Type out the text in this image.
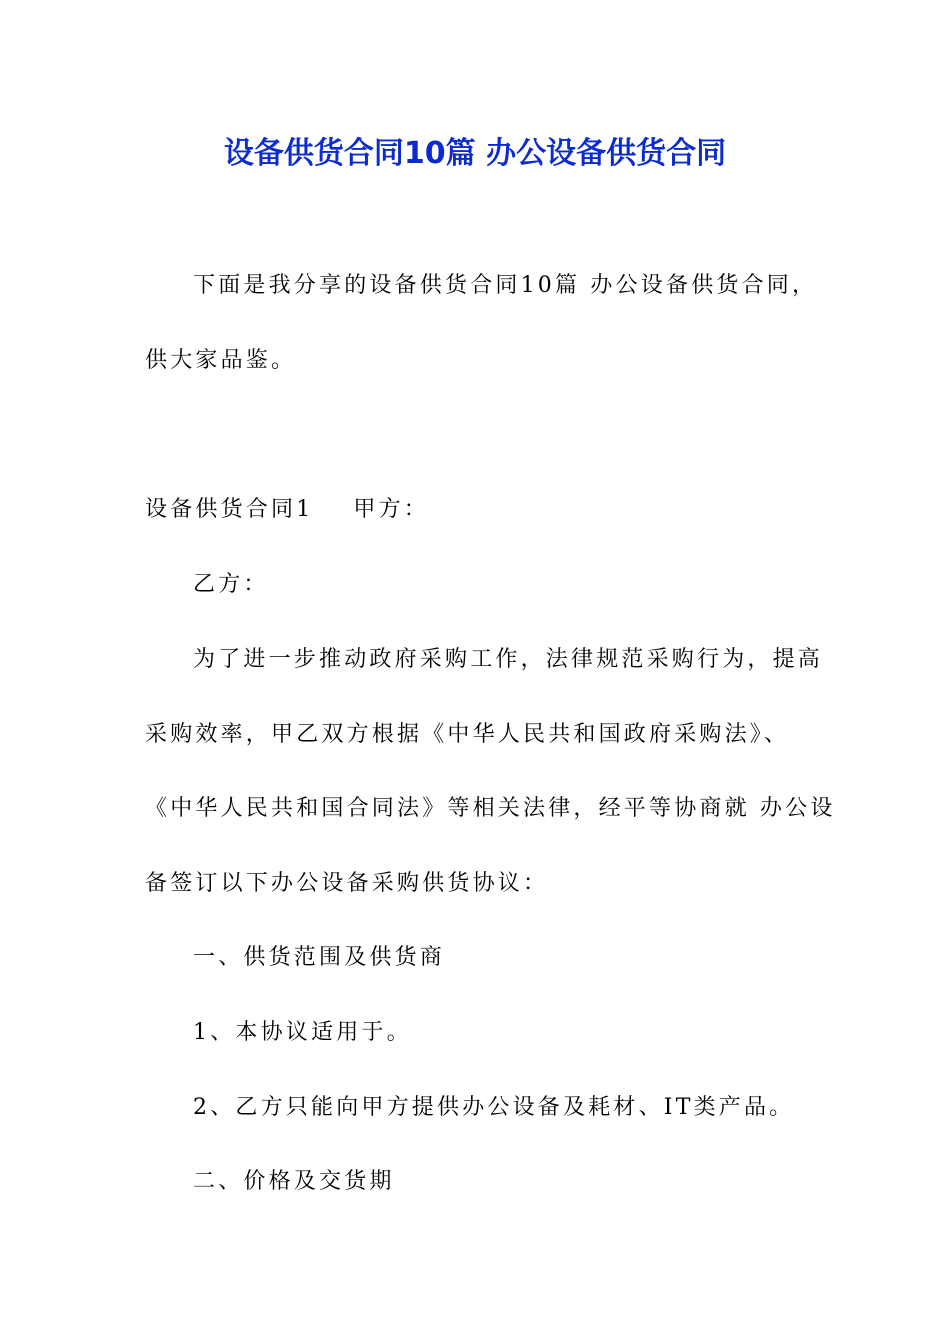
设备供货合同10篇 办公设备供货合同
下面是我分享的设备供货合同10篇 办公设备供货合同，
供大家品鉴。
设备供货合同1 甲方：
乙方：
为了进一步推动政府采购工作，法律规范采购行为，提高
采购效率，甲乙双方根据《中华人民共和国政府采购法》、
《中华人民共和国合同法》等相关法律，经平等协商就 办公设
备签订以下办公设备采购供货协议：
一、供货范围及供货商
1、本协议适用于。
2、乙方只能向甲方提供办公设备及耗材、IT类产品。
二、价格及交货期
